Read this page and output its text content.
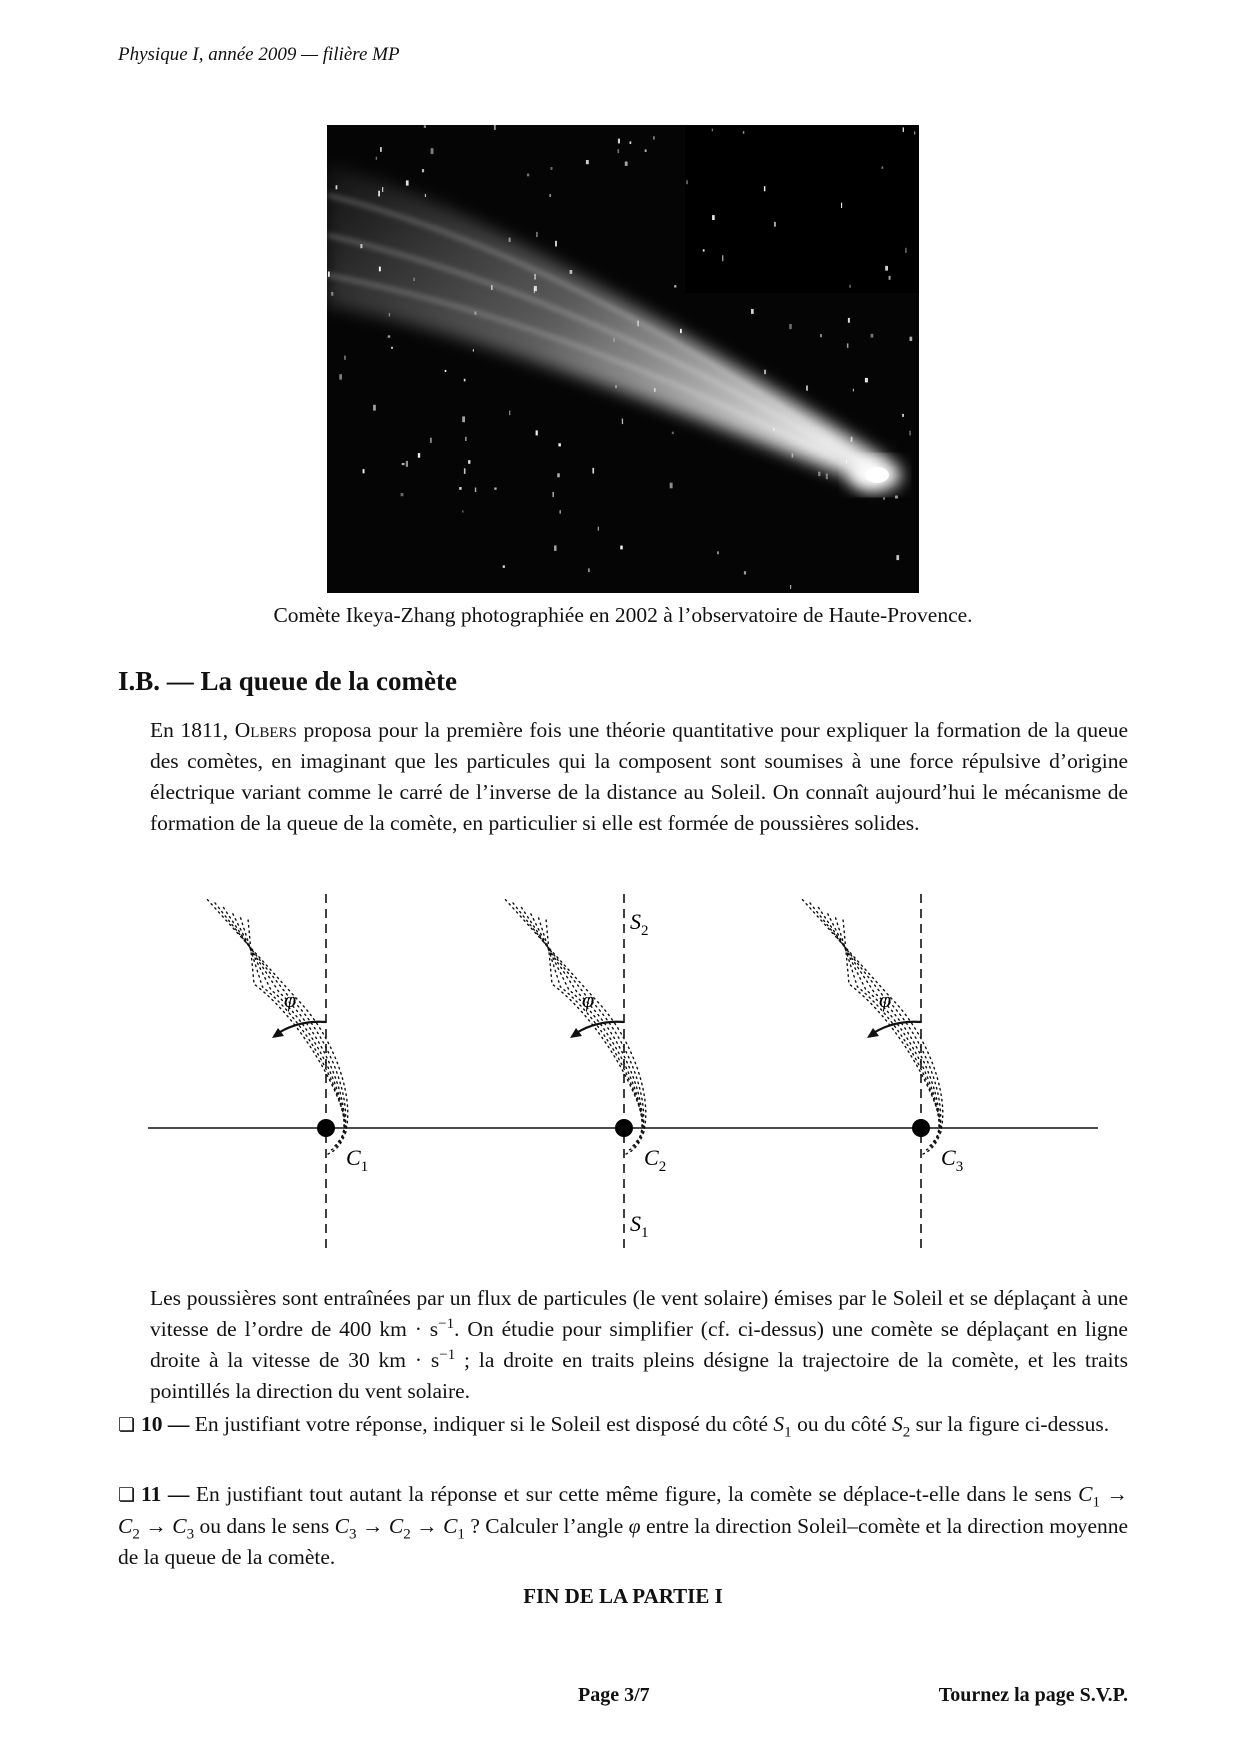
Physique I, année 2009 — filière MP
Comète Ikeya-Zhang photographiée en 2002 à l’observatoire de Haute-Provence.
I.B. — La queue de la comète
En 1811, Olbers proposa pour la première fois une théorie quantitative pour expliquer la formation de la queue des comètes, en imaginant que les particules qui la composent sont soumises à une force répulsive d’origine électrique variant comme le carré de l’inverse de la distance au Soleil. On connaît aujourd’hui le mécanisme de formation de la queue de la comète, en particulier si elle est formée de poussières solides.
φ
$C_1$
φ
$C_2$
φ
$C_3$
$S_2$
$S_1$
Les poussières sont entraînées par un flux de particules (le vent solaire) émises par le Soleil et se déplaçant à une vitesse de l’ordre de 400 km · $s^{-1}$. On étudie pour simplifier (cf. ci-dessus) une comète se déplaçant en ligne droite à la vitesse de 30 km · $s^{-1}$ ; la droite en traits pleins désigne la trajectoire de la comète, et les traits pointillés la direction du vent solaire.
❏ 10 — En justifiant votre réponse, indiquer si le Soleil est disposé du côté $S_1$ ou du côté $S_2$ sur la figure ci-dessus.
❏ 11 — En justifiant tout autant la réponse et sur cette même figure, la comète se déplace-t-elle dans le sens $C_1 \to C_2 \to C_3$ ou dans le sens $C_3 \to C_2 \to C_1$ ? Calculer l’angle φ entre la direction Soleil–comète et la direction moyenne de la queue de la comète.
FIN DE LA PARTIE I
Page 3/7	Tournez la page S.V.P.
